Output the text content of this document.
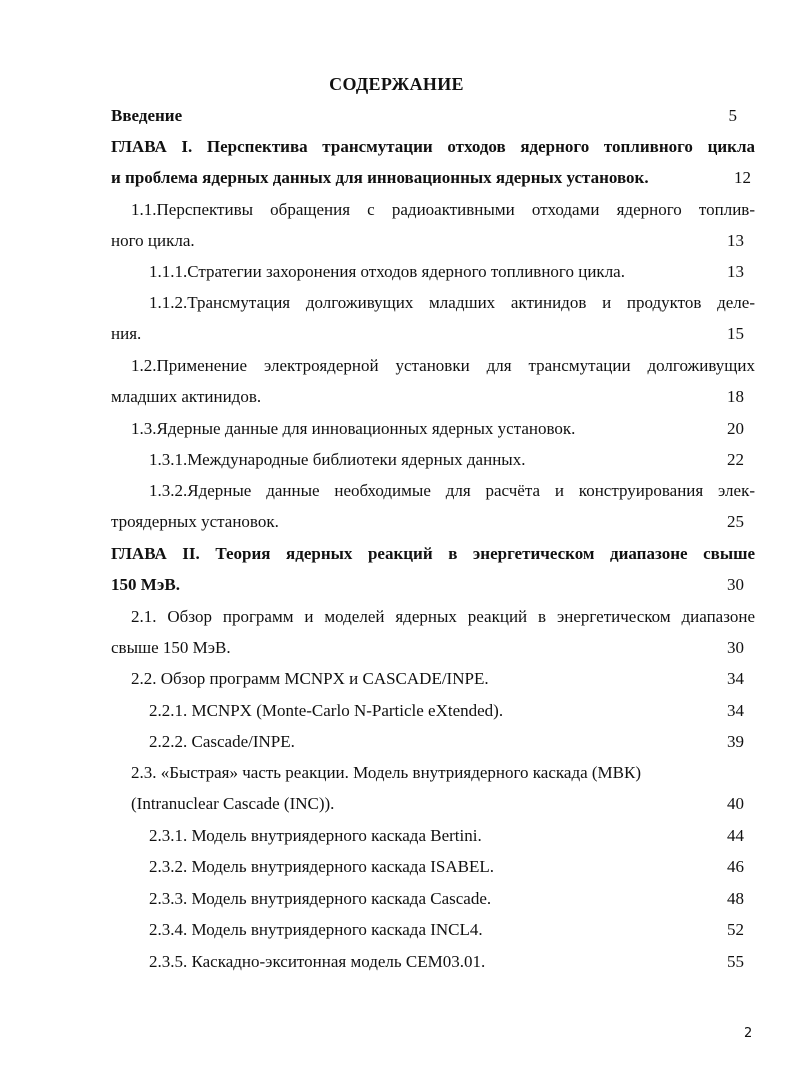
СОДЕРЖАНИЕ
Введение	5
ГЛАВА I. Перспектива трансмутации отходов ядерного топливного цикла
и проблема ядерных данных для инновационных ядерных установок.	12
1.1.Перспективы обращения с радиоактивными отходами ядерного топлив-
ного цикла.	13
1.1.1.Стратегии захоронения отходов ядерного топливного цикла.	13
1.1.2.Трансмутация долгоживущих младших актинидов и продуктов деле-
ния.	15
1.2.Применение электроядерной установки для трансмутации долгоживущих
младших актинидов.	18
1.3.Ядерные данные для инновационных ядерных установок.	20
1.3.1.Международные библиотеки ядерных данных.	22
1.3.2.Ядерные данные необходимые для расчёта и конструирования элек-
троядерных установок.	25
ГЛАВА II. Теория ядерных реакций в энергетическом диапазоне свыше
150 МэВ.	30
2.1. Обзор программ и моделей ядерных реакций в энергетическом диапазоне
свыше 150 МэВ.	30
2.2. Обзор программ MCNPX и CASCADE/INPE.	34
2.2.1. MCNPX (Monte-Carlo N-Particle eXtended).	34
2.2.2. Cascade/INPE.	39
2.3. «Быстрая» часть реакции. Модель внутриядерного каскада (МВК)
(Intranuclear Cascade (INC)).	40
2.3.1. Модель внутриядерного каскада Bertini.	44
2.3.2. Модель внутриядерного каскада ISABEL.	46
2.3.3. Модель внутриядерного каскада Cascade.	48
2.3.4. Модель внутриядерного каскада INCL4.	52
2.3.5. Каскадно-экситонная модель CEM03.01.	55
2
